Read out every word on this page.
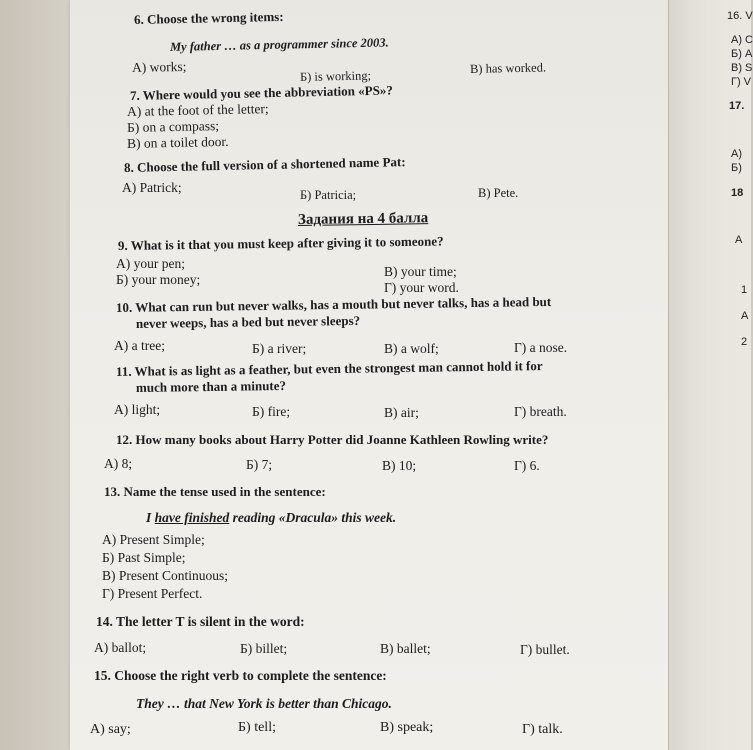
16. V
A) C
Б) A
B) S
Г) V
17.
A)
Б)
18
A
1
A
2
6. Choose the wrong items:
My father … as a programmer since 2003.
A) works;
Б) is working;
B) has worked.
7. Where would you see the abbreviation «PS»?
A) at the foot of the letter;
Б) on a compass;
B) on a toilet door.
8. Choose the full version of a shortened name Pat:
A) Patrick;	Б) Patricia;	B) Pete.
Задания на 4 балла
9. What is it that you must keep after giving it to someone?
A) your pen;
Б) your money;
B) your time;
Г) your word.
10. What can run but never walks, has a mouth but never talks, has a head but
never weeps, has a bed but never sleeps?
A) a tree;	Б) a river;	B) a wolf;	Г) a nose.
11. What is as light as a feather, but even the strongest man cannot hold it for
much more than a minute?
A) light;	Б) fire;	B) air;	Г) breath.
12. How many books about Harry Potter did Joanne Kathleen Rowling write?
A) 8;	Б) 7;	B) 10;	Г) 6.
13. Name the tense used in the sentence:
I have finished reading «Dracula» this week.
A) Present Simple;
Б) Past Simple;
B) Present Continuous;
Г) Present Perfect.
14. The letter T is silent in the word:
A) ballot;	Б) billet;	B) ballet;	Г) bullet.
15. Choose the right verb to complete the sentence:
They … that New York is better than Chicago.
A) say;	Б) tell;	B) speak;	Г) talk.
